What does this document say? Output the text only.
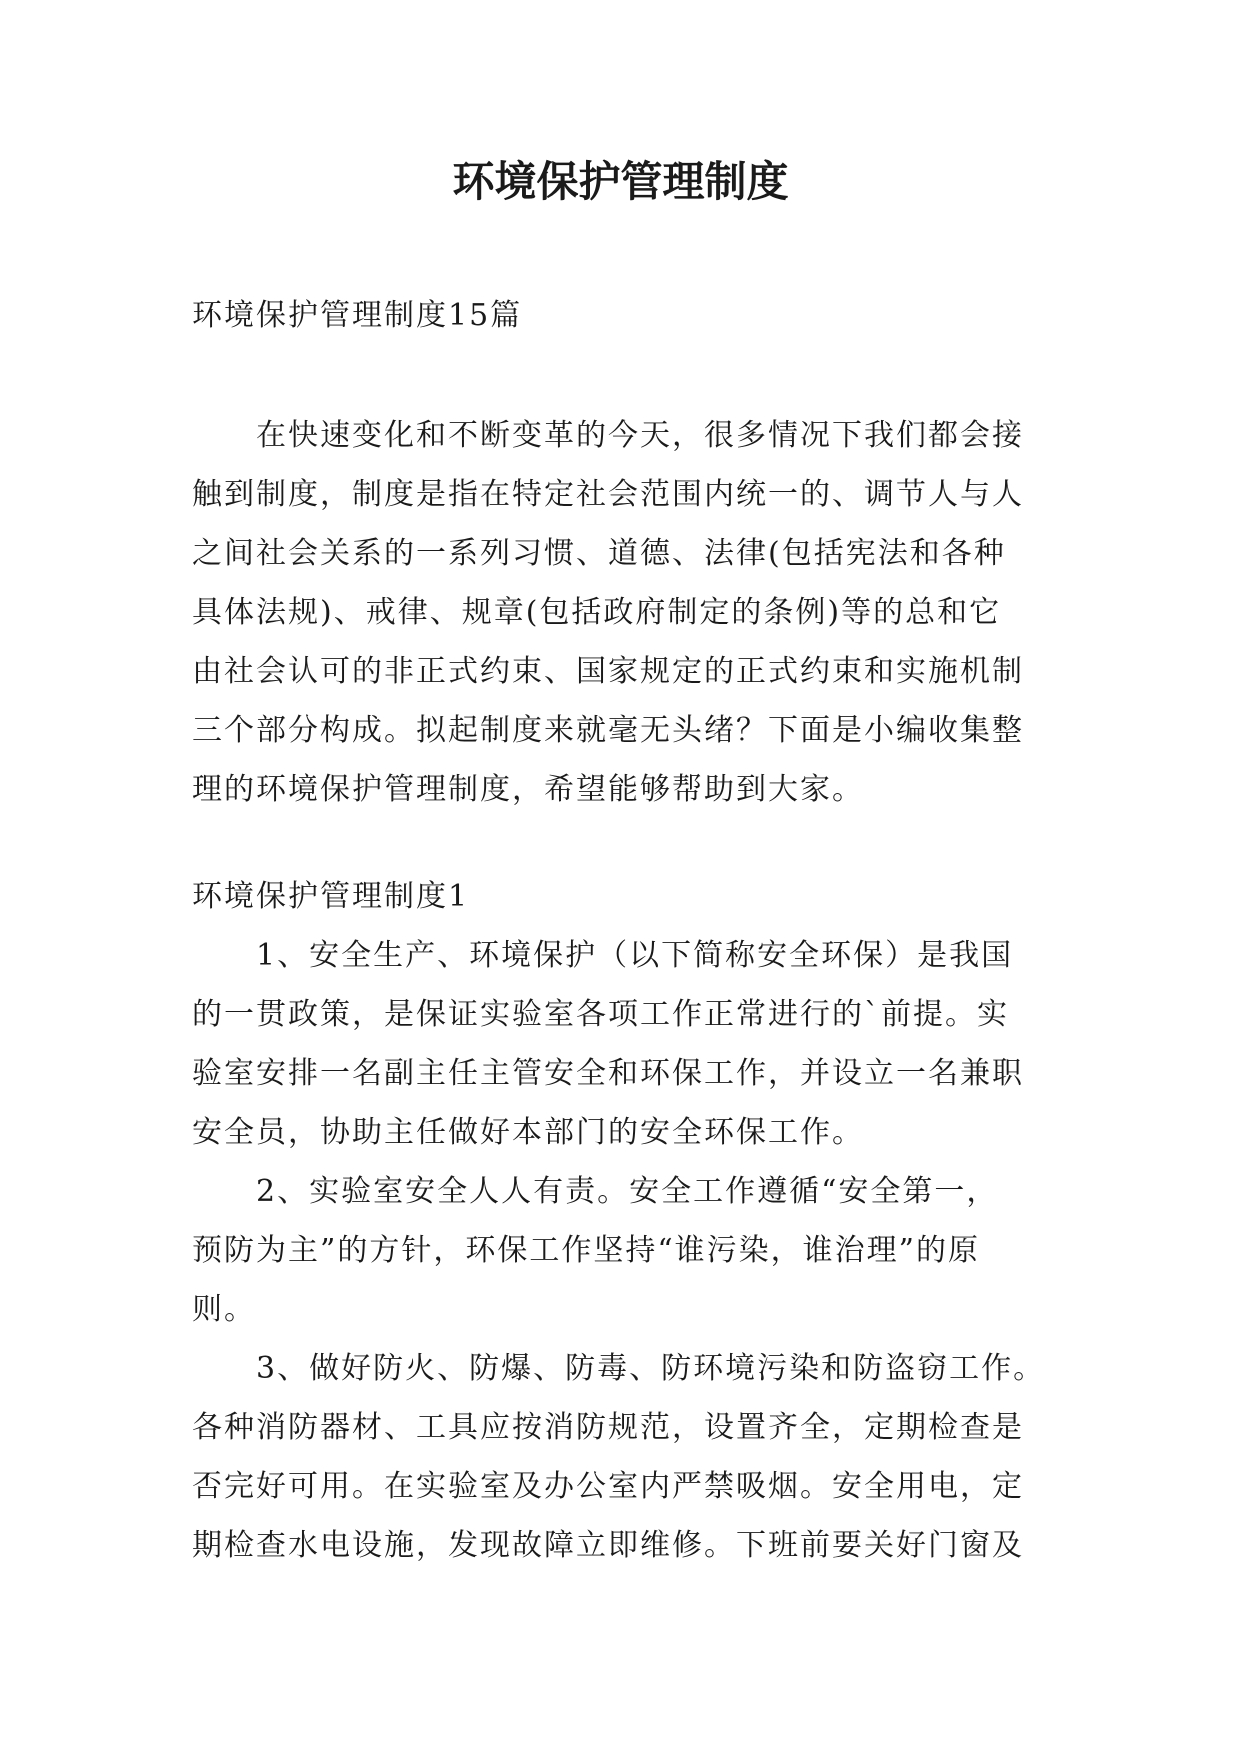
环境保护管理制度

环境保护管理制度15篇

　　在快速变化和不断变革的今天，很多情况下我们都会接
触到制度，制度是指在特定社会范围内统一的、调节人与人
之间社会关系的一系列习惯、道德、法律(包括宪法和各种
具体法规)、戒律、规章(包括政府制定的条例)等的总和它
由社会认可的非正式约束、国家规定的正式约束和实施机制
三个部分构成。拟起制度来就毫无头绪？下面是小编收集整
理的环境保护管理制度，希望能够帮助到大家。

环境保护管理制度1

　　1、安全生产、环境保护（以下简称安全环保）是我国
的一贯政策，是保证实验室各项工作正常进行的`前提。实
验室安排一名副主任主管安全和环保工作，并设立一名兼职
安全员，协助主任做好本部门的安全环保工作。
　　2、实验室安全人人有责。安全工作遵循“安全第一，
预防为主”的方针，环保工作坚持“谁污染，谁治理”的原
则。
　　3、做好防火、防爆、防毒、防环境污染和防盗窃工作。
各种消防器材、工具应按消防规范，设置齐全，定期检查是
否完好可用。在实验室及办公室内严禁吸烟。安全用电，定
期检查水电设施，发现故障立即维修。下班前要关好门窗及
